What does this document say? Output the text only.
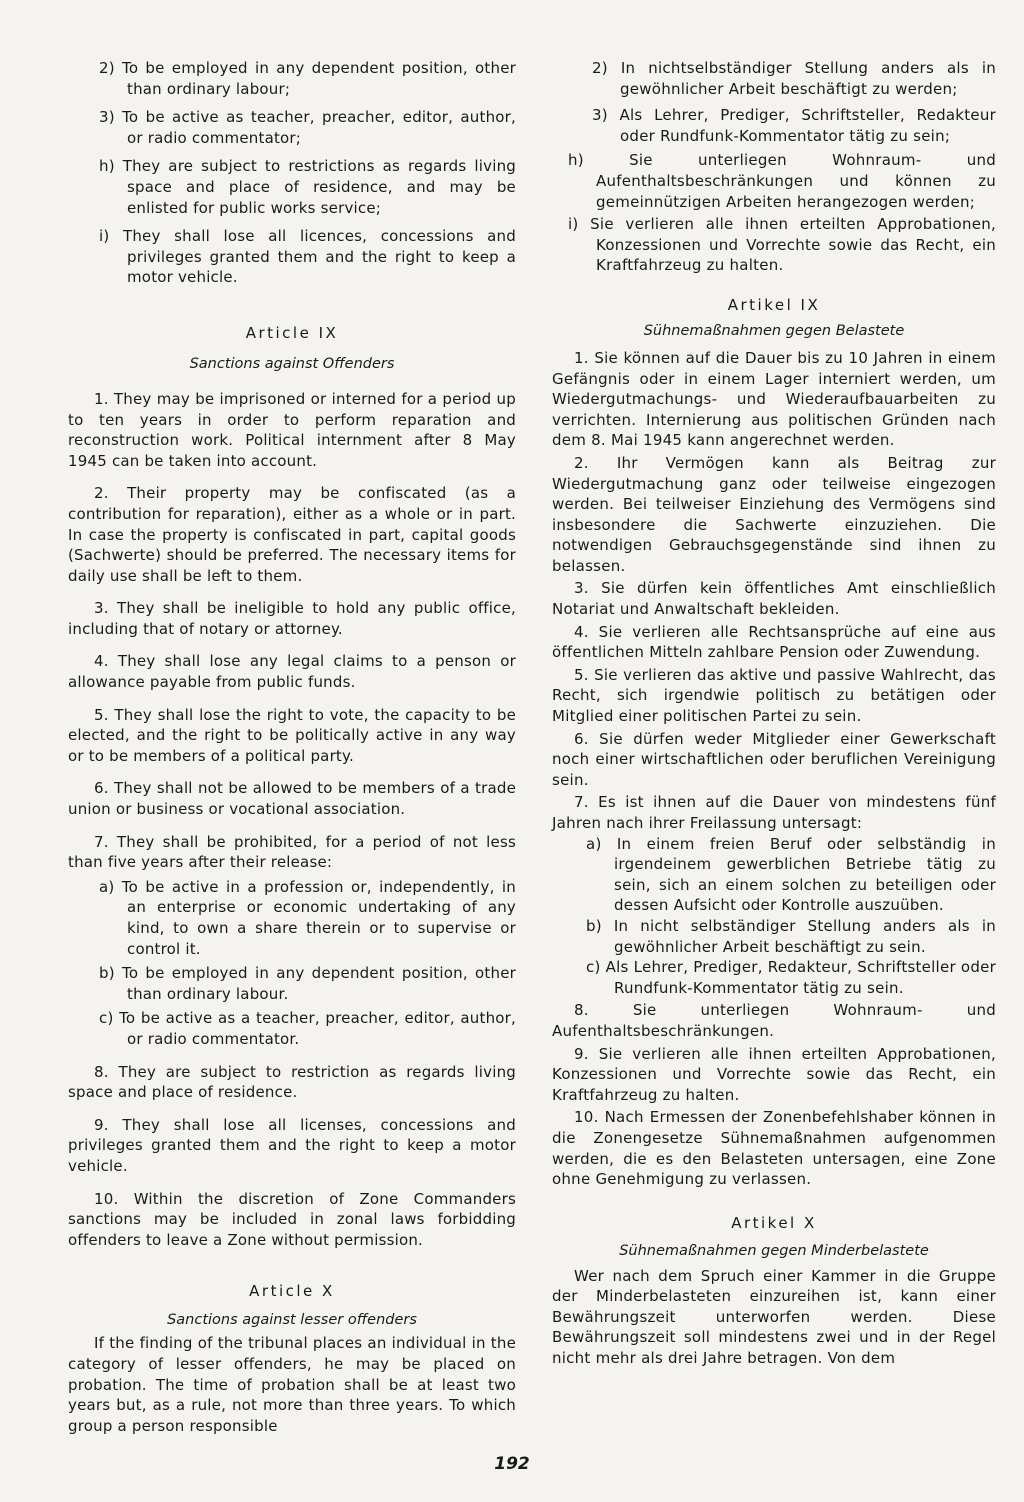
2) To be employed in any dependent position, other than ordinary labour;

3) To be active as teacher, preacher, editor, author, or radio commentator;

h) They are subject to restrictions as regards living space and place of residence, and may be enlisted for public works service;

i) They shall lose all licences, concessions and privileges granted them and the right to keep a motor vehicle.

Article IX
Sanctions against Offenders

1. They may be imprisoned or interned for a period up to ten years in order to perform reparation and reconstruction work. Political internment after 8 May 1945 can be taken into account.

2. Their property may be confiscated (as a contribution for reparation), either as a whole or in part. In case the property is confiscated in part, capital goods (Sachwerte) should be preferred. The necessary items for daily use shall be left to them.

3. They shall be ineligible to hold any public office, including that of notary or attorney.

4. They shall lose any legal claims to a penson or allowance payable from public funds.

5. They shall lose the right to vote, the capacity to be elected, and the right to be politically active in any way or to be members of a political party.

6. They shall not be allowed to be members of a trade union or business or vocational association.

7. They shall be prohibited, for a period of not less than five years after their release:

a) To be active in a profession or, independently, in an enterprise or economic undertaking of any kind, to own a share therein or to supervise or control it.

b) To be employed in any dependent position, other than ordinary labour.

c) To be active as a teacher, preacher, editor, author, or radio commentator.

8. They are subject to restriction as regards living space and place of residence.

9. They shall lose all licenses, concessions and privileges granted them and the right to keep a motor vehicle.

10. Within the discretion of Zone Commanders sanctions may be included in zonal laws forbidding offenders to leave a Zone without permission.

Article X
Sanctions against lesser offenders

If the finding of the tribunal places an individual in the category of lesser offenders, he may be placed on probation. The time of probation shall be at least two years but, as a rule, not more than three years. To which group a person responsible

2) In nichtselbständiger Stellung anders als in gewöhnlicher Arbeit beschäftigt zu werden;

3) Als Lehrer, Prediger, Schriftsteller, Redakteur oder Rundfunk-Kommentator tätig zu sein;

h) Sie unterliegen Wohnraum- und Aufenthaltsbeschränkungen und können zu gemeinnützigen Arbeiten herangezogen werden;

i) Sie verlieren alle ihnen erteilten Approbationen, Konzessionen und Vorrechte sowie das Recht, ein Kraftfahrzeug zu halten.

Artikel IX
Sühnemaßnahmen gegen Belastete

1. Sie können auf die Dauer bis zu 10 Jahren in einem Gefängnis oder in einem Lager interniert werden, um Wiedergutmachungs- und Wiederaufbauarbeiten zu verrichten. Internierung aus politischen Gründen nach dem 8. Mai 1945 kann angerechnet werden.

2. Ihr Vermögen kann als Beitrag zur Wiedergutmachung ganz oder teilweise eingezogen werden. Bei teilweiser Einziehung des Vermögens sind insbesondere die Sachwerte einzuziehen. Die notwendigen Gebrauchsgegenstände sind ihnen zu belassen.

3. Sie dürfen kein öffentliches Amt einschließlich Notariat und Anwaltschaft bekleiden.

4. Sie verlieren alle Rechtsansprüche auf eine aus öffentlichen Mitteln zahlbare Pension oder Zuwendung.

5. Sie verlieren das aktive und passive Wahlrecht, das Recht, sich irgendwie politisch zu betätigen oder Mitglied einer politischen Partei zu sein.

6. Sie dürfen weder Mitglieder einer Gewerkschaft noch einer wirtschaftlichen oder beruflichen Vereinigung sein.

7. Es ist ihnen auf die Dauer von mindestens fünf Jahren nach ihrer Freilassung untersagt:

a) In einem freien Beruf oder selbständig in irgendeinem gewerblichen Betriebe tätig zu sein, sich an einem solchen zu beteiligen oder dessen Aufsicht oder Kontrolle auszuüben.

b) In nicht selbständiger Stellung anders als in gewöhnlicher Arbeit beschäftigt zu sein.

c) Als Lehrer, Prediger, Redakteur, Schriftsteller oder Rundfunk-Kommentator tätig zu sein.

8. Sie unterliegen Wohnraum- und Aufenthaltsbeschränkungen.

9. Sie verlieren alle ihnen erteilten Approbationen, Konzessionen und Vorrechte sowie das Recht, ein Kraftfahrzeug zu halten.

10. Nach Ermessen der Zonenbefehlshaber können in die Zonengesetze Sühnemaßnahmen aufgenommen werden, die es den Belasteten untersagen, eine Zone ohne Genehmigung zu verlassen.

Artikel X
Sühnemaßnahmen gegen Minderbelastete

Wer nach dem Spruch einer Kammer in die Gruppe der Minderbelasteten einzureihen ist, kann einer Bewährungszeit unterworfen werden. Diese Bewährungszeit soll mindestens zwei und in der Regel nicht mehr als drei Jahre betragen. Von dem

192
